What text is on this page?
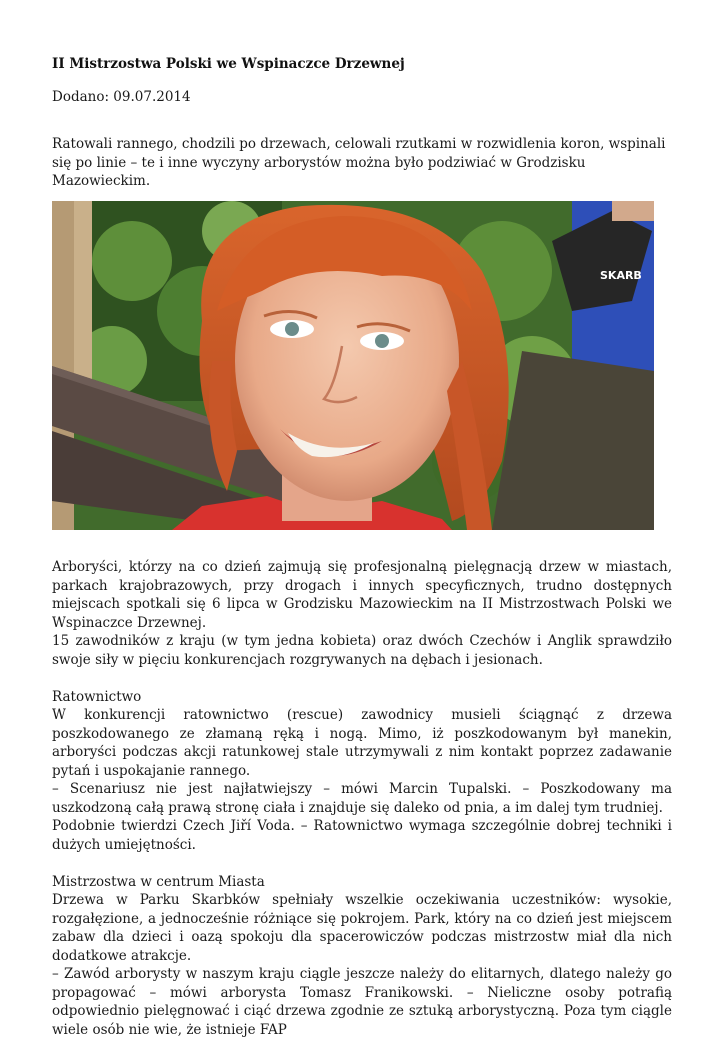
II Mistrzostwa Polski we Wspinaczce Drzewnej

Dodano: 09.07.2014

Ratowali rannego, chodzili po drzewach, celowali rzutkami w rozwidlenia koron, wspinali się po linie – te i inne wyczyny arborystów można było podziwiać w Grodzisku Mazowieckim.

SKARB

Arboryści, którzy na co dzień zajmują się profesjonalną pielęgnacją drzew w miastach, parkach krajobrazowych, przy drogach i innych specyficznych, trudno dostępnych miejscach spotkali się 6 lipca w Grodzisku Mazowieckim na II Mistrzostwach Polski we Wspinaczce Drzewnej.

15 zawodników z kraju (w tym jedna kobieta) oraz dwóch Czechów i Anglik sprawdziło swoje siły w pięciu konkurencjach rozgrywanych na dębach i jesionach.

Ratownictwo

W konkurencji ratownictwo (rescue) zawodnicy musieli ściągnąć z drzewa poszkodowanego ze złamaną ręką i nogą. Mimo, iż poszkodowanym był manekin, arboryści podczas akcji ratunkowej stale utrzymywali z nim kontakt poprzez zadawanie pytań i uspokajanie rannego.

– Scenariusz nie jest najłatwiejszy – mówi Marcin Tupalski. – Poszkodowany ma uszkodzoną całą prawą stronę ciała i znajduje się daleko od pnia, a im dalej tym trudniej.

Podobnie twierdzi Czech Jiří Voda. – Ratownictwo wymaga szczególnie dobrej techniki i dużych umiejętności.

Mistrzostwa w centrum Miasta

Drzewa w Parku Skarbków spełniały wszelkie oczekiwania uczestników: wysokie, rozgałęzione, a jednocześnie różniące się pokrojem. Park, który na co dzień jest miejscem zabaw dla dzieci i oazą spokoju dla spacerowiczów podczas mistrzostw miał dla nich dodatkowe atrakcje.

– Zawód arborysty w naszym kraju ciągle jeszcze należy do elitarnych, dlatego należy go propagować – mówi arborysta Tomasz Franikowski. – Nieliczne osoby potrafią odpowiednio pielęgnować i ciąć drzewa zgodnie ze sztuką arborystyczną. Poza tym ciągle wiele osób nie wie, że istnieje FAP
